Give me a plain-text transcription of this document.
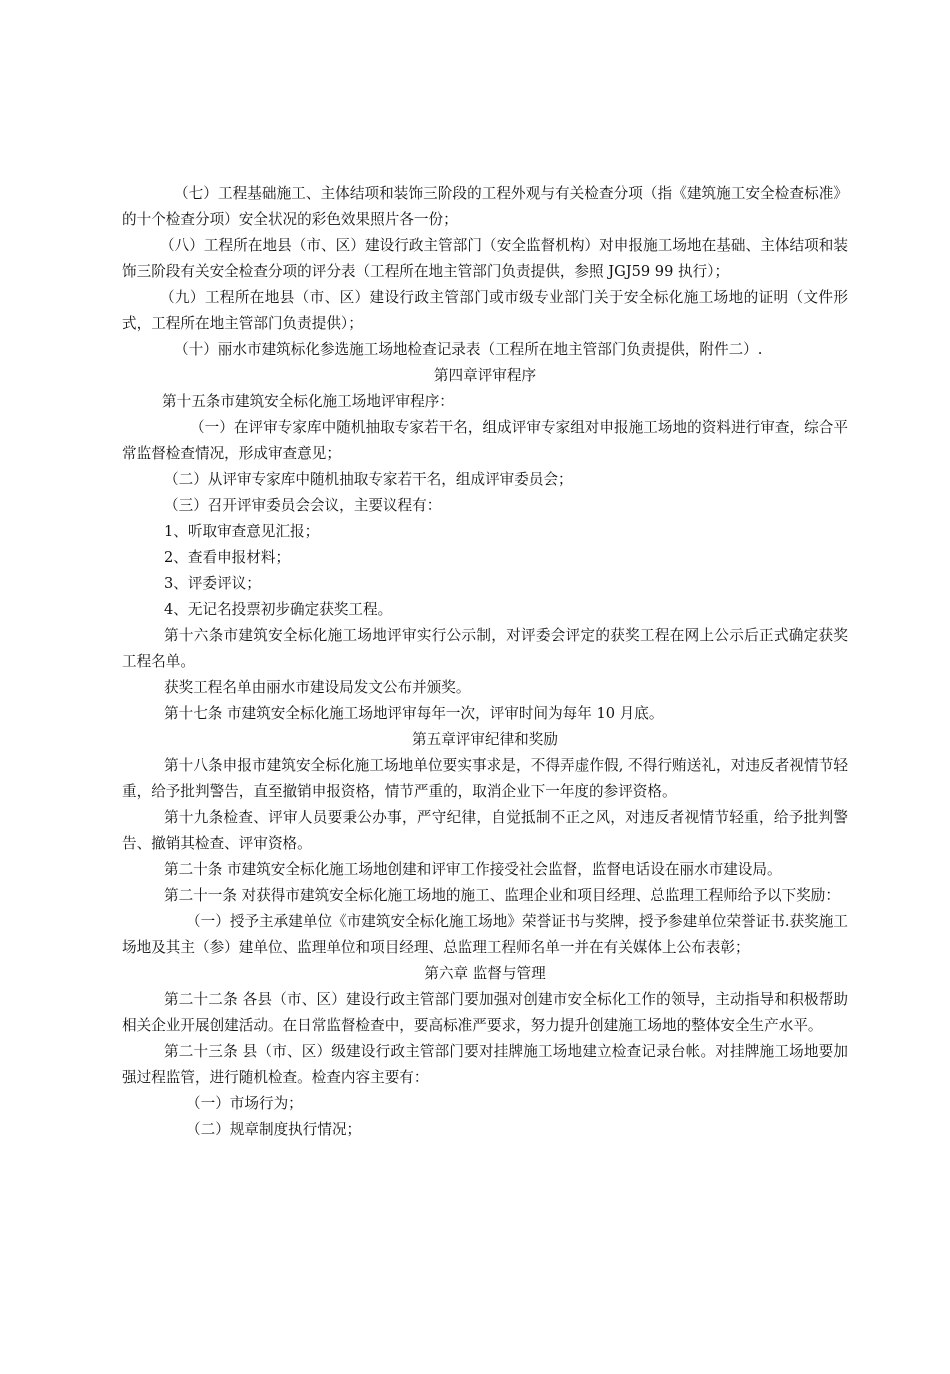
（七）工程基础施工、主体结项和装饰三阶段的工程外观与有关检查分项（指《建筑施工安全检查标准》的十个检查分项）安全状况的彩色效果照片各一份；

（八）工程所在地县（市、区）建设行政主管部门（安全监督机构）对申报施工场地在基础、主体结项和装饰三阶段有关安全检查分项的评分表（工程所在地主管部门负责提供，参照 JGJ59 99 执行）；

（九）工程所在地县（市、区）建设行政主管部门或市级专业部门关于安全标化施工场地的证明（文件形式，工程所在地主管部门负责提供）；

（十）丽水市建筑标化参选施工场地检查记录表（工程所在地主管部门负责提供，附件二）.

第四章评审程序

第十五条市建筑安全标化施工场地评审程序：

（一）在评审专家库中随机抽取专家若干名，组成评审专家组对申报施工场地的资料进行审查，综合平常监督检查情况，形成审查意见；

（二）从评审专家库中随机抽取专家若干名，组成评审委员会；

（三）召开评审委员会会议，主要议程有：

1、听取审查意见汇报；

2、查看申报材料；

3、评委评议；

4、无记名投票初步确定获奖工程。

第十六条市建筑安全标化施工场地评审实行公示制，对评委会评定的获奖工程在网上公示后正式确定获奖工程名单。

获奖工程名单由丽水市建设局发文公布并颁奖。

第十七条 市建筑安全标化施工场地评审每年一次，评审时间为每年 10 月底。

第五章评审纪律和奖励

第十八条申报市建筑安全标化施工场地单位要实事求是，不得弄虚作假, 不得行贿送礼，对违反者视情节轻重，给予批判警告，直至撤销申报资格，情节严重的，取消企业下一年度的参评资格。

第十九条检查、评审人员要秉公办事，严守纪律，自觉抵制不正之风，对违反者视情节轻重，给予批判警告、撤销其检查、评审资格。

第二十条 市建筑安全标化施工场地创建和评审工作接受社会监督，监督电话设在丽水市建设局。

第二十一条 对获得市建筑安全标化施工场地的施工、监理企业和项目经理、总监理工程师给予以下奖励：

（一）授予主承建单位《市建筑安全标化施工场地》荣誉证书与奖牌，授予参建单位荣誉证书.获奖施工场地及其主（参）建单位、监理单位和项目经理、总监理工程师名单一并在有关媒体上公布表彰；

第六章 监督与管理

第二十二条 各县（市、区）建设行政主管部门要加强对创建市安全标化工作的领导，主动指导和积极帮助相关企业开展创建活动。在日常监督检查中，要高标准严要求，努力提升创建施工场地的整体安全生产水平。

第二十三条 县（市、区）级建设行政主管部门要对挂牌施工场地建立检查记录台帐。对挂牌施工场地要加强过程监管，进行随机检查。检查内容主要有：

（一）市场行为；

（二）规章制度执行情况；
